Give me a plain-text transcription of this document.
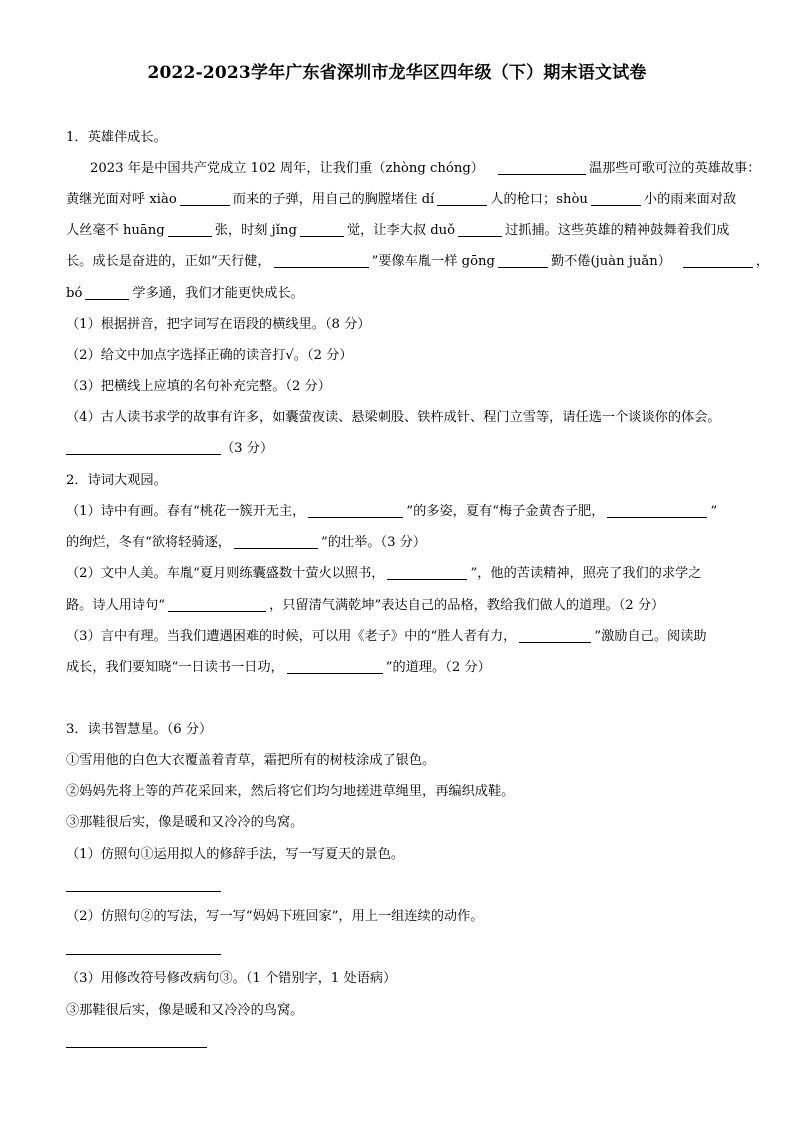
2022-2023学年广东省深圳市龙华区四年级（下）期末语文试卷
1．英雄伴成长。
2023 年是中国共产党成立 102 周年，让我们重（zhòng chóng）	温那些可歌可泣的英雄故事：
黄继光面对呼 xiào	而来的子弹，用自己的胸膛堵住 dí	人的枪口；shòu	小的雨来面对敌
人丝毫不 huāng	张，时刻 jǐng	觉，让李大叔 duǒ	过抓捕。这些英雄的精神鼓舞着我们成
长。成长是奋进的，正如“天行健，	”要像车胤一样 gōng	勤不倦(juàn juǎn）	，
bó	学多通，我们才能更快成长。
（1）根据拼音，把字词写在语段的横线里。（8 分）
（2）给文中加点字选择正确的读音打√。（2 分）
（3）把横线上应填的名句补充完整。（2 分）
（4）古人读书求学的故事有许多，如囊萤夜读、悬梁刺股、铁杵成针、程门立雪等，请任选一个谈谈你的体会。
（3 分）
2．诗词大观园。
（1）诗中有画。春有“桃花一簇开无主，	”的多姿，夏有“梅子金黄杏子肥，	”
的绚烂，冬有“欲将轻骑逐，	”的壮举。（3 分）
（2）文中人美。车胤“夏月则练囊盛数十萤火以照书，	”，他的苦读精神，照亮了我们的求学之
路。诗人用诗句“	，只留清气满乾坤”表达自己的品格，教给我们做人的道理。（2 分）
（3）言中有理。当我们遭遇困难的时候，可以用《老子》中的“胜人者有力，	”激励自己。阅读助
成长，我们要知晓“一日读书一日功，	”的道理。（2 分）
3．读书智慧星。（6 分）
①雪用他的白色大衣覆盖着青草，霜把所有的树枝涂成了银色。
②妈妈先将上等的芦花采回来，然后将它们均匀地搓进草绳里，再编织成鞋。
③那鞋很后实，像是暖和又冷冷的鸟窝。
（1）仿照句①运用拟人的修辞手法，写一写夏天的景色。
（2）仿照句②的写法，写一写“妈妈下班回家”，用上一组连续的动作。
（3）用修改符号修改病句③。（1 个错别字，1 处语病）
③那鞋很后实，像是暖和又冷冷的鸟窝。
